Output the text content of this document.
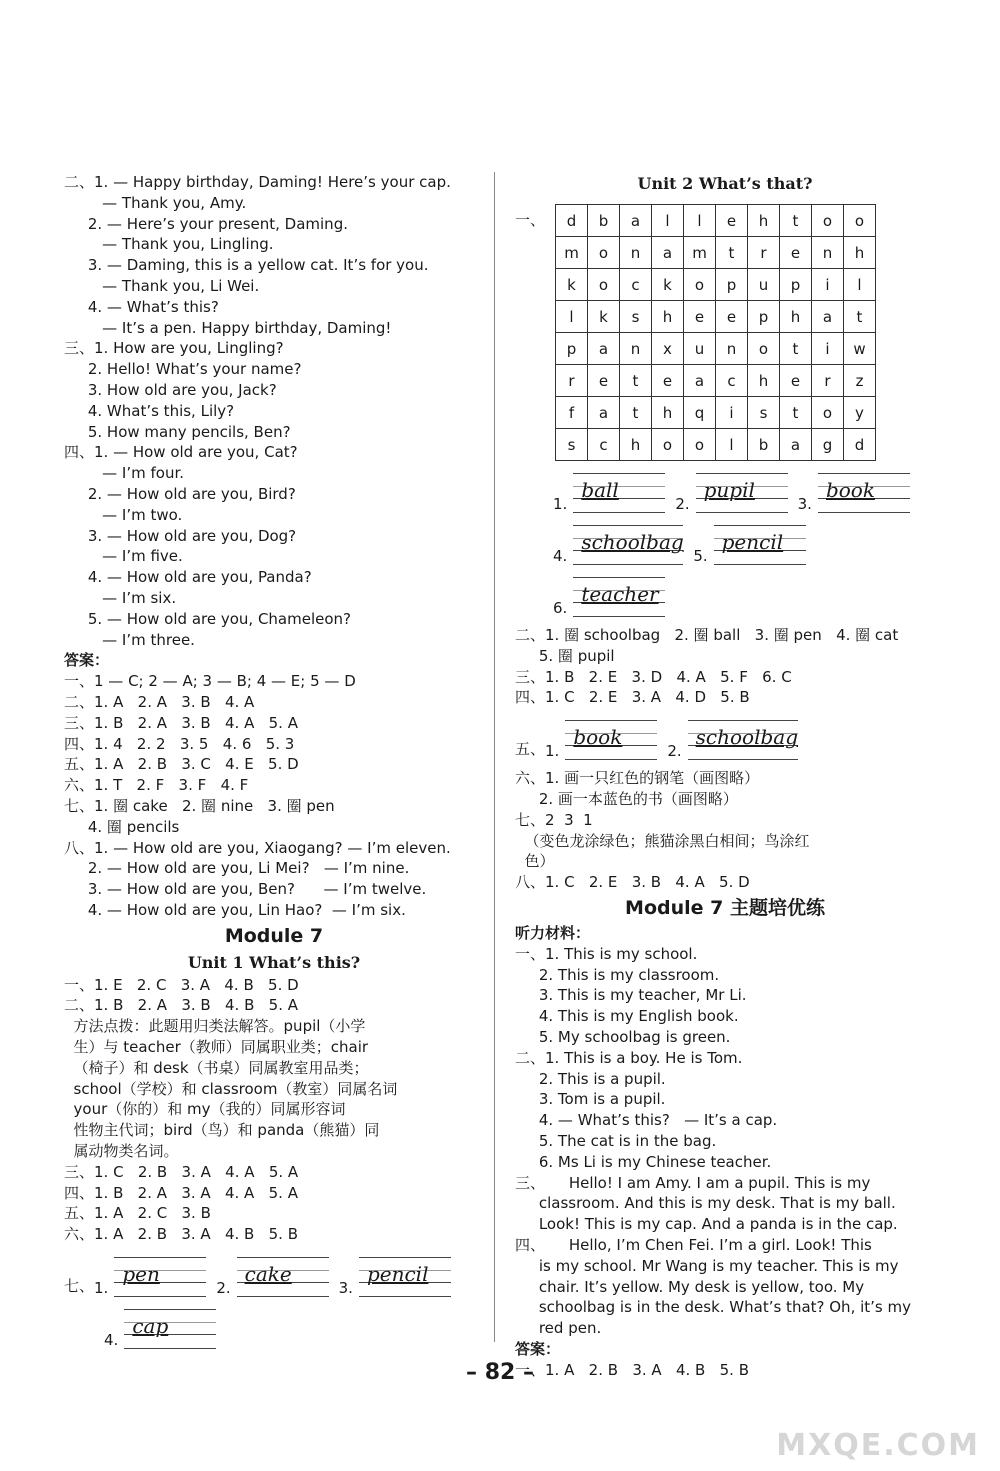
二、1. — Happy birthday, Daming! Here’s your cap.
— Thank you, Amy.
2. — Here’s your present, Daming.
— Thank you, Lingling.
3. — Daming, this is a yellow cat. It’s for you.
— Thank you, Li Wei.
4. — What’s this?
— It’s a pen. Happy birthday, Daming!
三、1. How are you, Lingling?
2. Hello! What’s your name?
3. How old are you, Jack?
4. What’s this, Lily?
5. How many pencils, Ben?
四、1. — How old are you, Cat?
— I’m four.
2. — How old are you, Bird?
— I’m two.
3. — How old are you, Dog?
— I’m five.
4. — How old are you, Panda?
— I’m six.
5. — How old are you, Chameleon?
— I’m three.
答案：
一、1 — C; 2 — A; 3 — B; 4 — E; 5 — D
二、1. A   2. A   3. B   4. A
三、1. B   2. A   3. B   4. A   5. A
四、1. 4   2. 2   3. 5   4. 6   5. 3
五、1. A   2. B   3. C   4. E   5. D
六、1. T   2. F   3. F   4. F
七、1. 圈 cake   2. 圈 nine   3. 圈 pen
4. 圈 pencils
八、1. — How old are you, Xiaogang? — I’m eleven.
2. — How old are you, Li Mei?   — I’m nine.
3. — How old are you, Ben?      — I’m twelve.
4. — How old are you, Lin Hao?  — I’m six.
Module 7
Unit 1 What’s this?
一、1. E   2. C   3. A   4. B   5. D
二、1. B   2. A   3. B   4. B   5. A
方法点拨：此题用归类法解答。pupil（小学
生）与 teacher（教师）同属职业类；chair
（椅子）和 desk（书桌）同属教室用品类；
school（学校）和 classroom（教室）同属名词
your（你的）和 my（我的）同属形容词
性物主代词；bird（鸟）和 panda（熊猫）同
属动物类名词。
三、1. C   2. B   3. A   4. A   5. A
四、1. B   2. A   3. A   4. A   5. A
五、1. A   2. C   3. B
六、1. A   2. B   3. A   4. B   5. B
七、 1.
pen
2.
cake
3.
pencil
4.
cap
Unit 2 What’s that?
一、 d	b	a	l	l	e	h	t	o	o
m	o	n	a	m	t	r	e	n	h
k	o	c	k	o	p	u	p	i	l
l	k	s	h	e	e	p	h	a	t
p	a	n	x	u	n	o	t	i	w
r	e	t	e	a	c	h	e	r	z
f	a	t	h	q	i	s	t	o	y
s	c	h	o	o	l	b	a	g	d
1.
ball
2.
pupil
3.
book
4.
schoolbag
5.
pencil
6.
teacher
二、1. 圈 schoolbag   2. 圈 ball   3. 圈 pen   4. 圈 cat
5. 圈 pupil
三、1. B   2. E   3. D   4. A   5. F   6. C
四、1. C   2. E   3. A   4. D   5. B
五、 1.
book
2.
schoolbag
六、1. 画一只红色的钢笔（画图略）
2. 画一本蓝色的书（画图略）
七、2  3  1
（变色龙涂绿色；熊猫涂黑白相间；鸟涂红
色）
八、1. C   2. E   3. B   4. A   5. D
Module 7 主题培优练
听力材料：
一、1. This is my school.
2. This is my classroom.
3. This is my teacher, Mr Li.
4. This is my English book.
5. My schoolbag is green.
二、1. This is a boy. He is Tom.
2. This is a pupil.
3. Tom is a pupil.
4. — What’s this?   — It’s a cap.
5. The cat is in the bag.
6. Ms Li is my Chinese teacher.
三、     Hello! I am Amy. I am a pupil. This is my
classroom. And this is my desk. That is my ball.
Look! This is my cap. And a panda is in the cap.
四、     Hello, I’m Chen Fei. I’m a girl. Look! This
is my school. Mr Wang is my teacher. This is my
chair. It’s yellow. My desk is yellow, too. My
schoolbag is in the desk. What’s that? Oh, it’s my
red pen.
答案：
一、1. A   2. B   3. A   4. B   5. B
– 82 –
MXQE.COM
